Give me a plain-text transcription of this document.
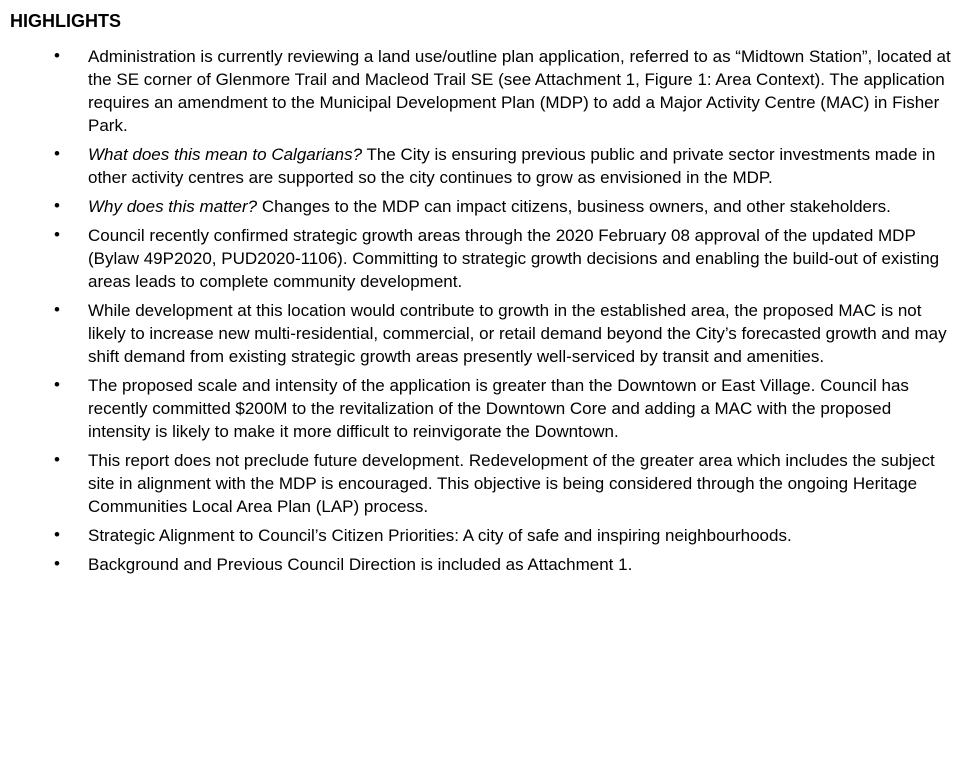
HIGHLIGHTS
• Administration is currently reviewing a land use/outline plan application, referred to as “Midtown Station”, located at the SE corner of Glenmore Trail and Macleod Trail SE (see Attachment 1, Figure 1: Area Context). The application requires an amendment to the Municipal Development Plan (MDP) to add a Major Activity Centre (MAC) in Fisher Park.
• What does this mean to Calgarians? The City is ensuring previous public and private sector investments made in other activity centres are supported so the city continues to grow as envisioned in the MDP.
• Why does this matter? Changes to the MDP can impact citizens, business owners, and other stakeholders.
• Council recently confirmed strategic growth areas through the 2020 February 08 approval of the updated MDP (Bylaw 49P2020, PUD2020-1106). Committing to strategic growth decisions and enabling the build-out of existing areas leads to complete community development.
• While development at this location would contribute to growth in the established area, the proposed MAC is not likely to increase new multi-residential, commercial, or retail demand beyond the City’s forecasted growth and may shift demand from existing strategic growth areas presently well-serviced by transit and amenities.
• The proposed scale and intensity of the application is greater than the Downtown or East Village. Council has recently committed $200M to the revitalization of the Downtown Core and adding a MAC with the proposed intensity is likely to make it more difficult to reinvigorate the Downtown.
• This report does not preclude future development. Redevelopment of the greater area which includes the subject site in alignment with the MDP is encouraged. This objective is being considered through the ongoing Heritage Communities Local Area Plan (LAP) process.
• Strategic Alignment to Council’s Citizen Priorities: A city of safe and inspiring neighbourhoods.
• Background and Previous Council Direction is included as Attachment 1.
